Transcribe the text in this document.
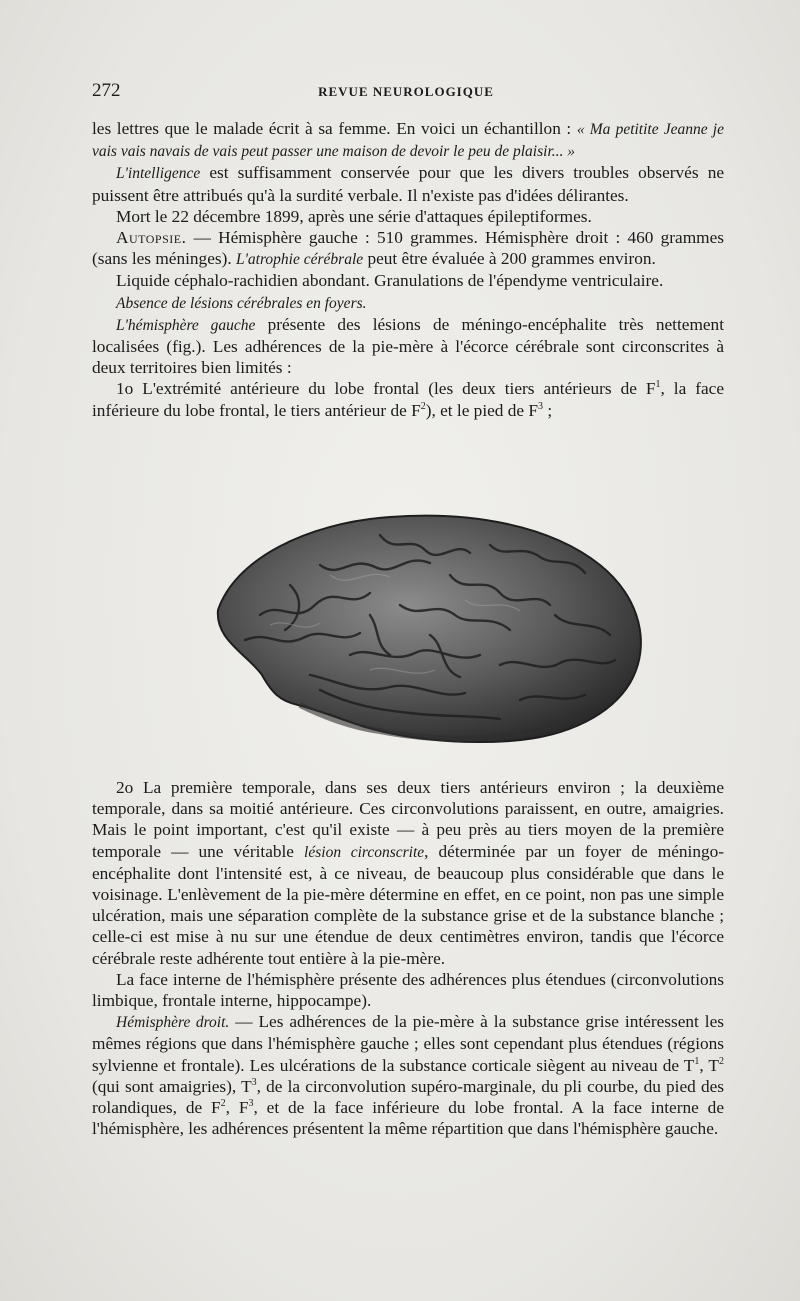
272	REVUE NEUROLOGIQUE

les lettres que le malade écrit à sa femme. En voici un échantillon : « Ma petitite Jeanne je vais vais navais de vais peut passer une maison de devoir le peu de plaisir... »

L'intelligence est suffisamment conservée pour que les divers troubles observés ne puissent être attribués qu'à la surdité verbale. Il n'existe pas d'idées délirantes.

Mort le 22 décembre 1899, après une série d'attaques épileptiformes.

Autopsie. — Hémisphère gauche : 510 grammes. Hémisphère droit : 460 grammes (sans les méninges). L'atrophie cérébrale peut être évaluée à 200 grammes environ.

Liquide céphalo-rachidien abondant. Granulations de l'épendyme ventriculaire.

Absence de lésions cérébrales en foyers.

L'hémisphère gauche présente des lésions de méningo-encéphalite très nettement localisées (fig.). Les adhérences de la pie-mère à l'écorce cérébrale sont circonscrites à deux territoires bien limités :

1o L'extrémité antérieure du lobe frontal (les deux tiers antérieurs de $F^1$, la face inférieure du lobe frontal, le tiers antérieur de $F^2$), et le pied de $F^3$ ;

2o La première temporale, dans ses deux tiers antérieurs environ ; la deuxième temporale, dans sa moitié antérieure. Ces circonvolutions paraissent, en outre, amaigries. Mais le point important, c'est qu'il existe — à peu près au tiers moyen de la première temporale — une véritable lésion circonscrite, déterminée par un foyer de méningo-encéphalite dont l'intensité est, à ce niveau, de beaucoup plus considérable que dans le voisinage. L'enlèvement de la pie-mère détermine en effet, en ce point, non pas une simple ulcération, mais une séparation complète de la substance grise et de la substance blanche ; celle-ci est mise à nu sur une étendue de deux centimètres environ, tandis que l'écorce cérébrale reste adhérente tout entière à la pie-mère.

La face interne de l'hémisphère présente des adhérences plus étendues (circonvolutions limbique, frontale interne, hippocampe).

Hémisphère droit. — Les adhérences de la pie-mère à la substance grise intéressent les mêmes régions que dans l'hémisphère gauche ; elles sont cependant plus étendues (régions sylvienne et frontale). Les ulcérations de la substance corticale siègent au niveau de $T^1$, $T^2$ (qui sont amaigries), $T^3$, de la circonvolution supéro-marginale, du pli courbe, du pied des rolandiques, de $F^2$, $F^3$, et de la face inférieure du lobe frontal. A la face interne de l'hémisphère, les adhérences présentent la même répartition que dans l'hémisphère gauche.
